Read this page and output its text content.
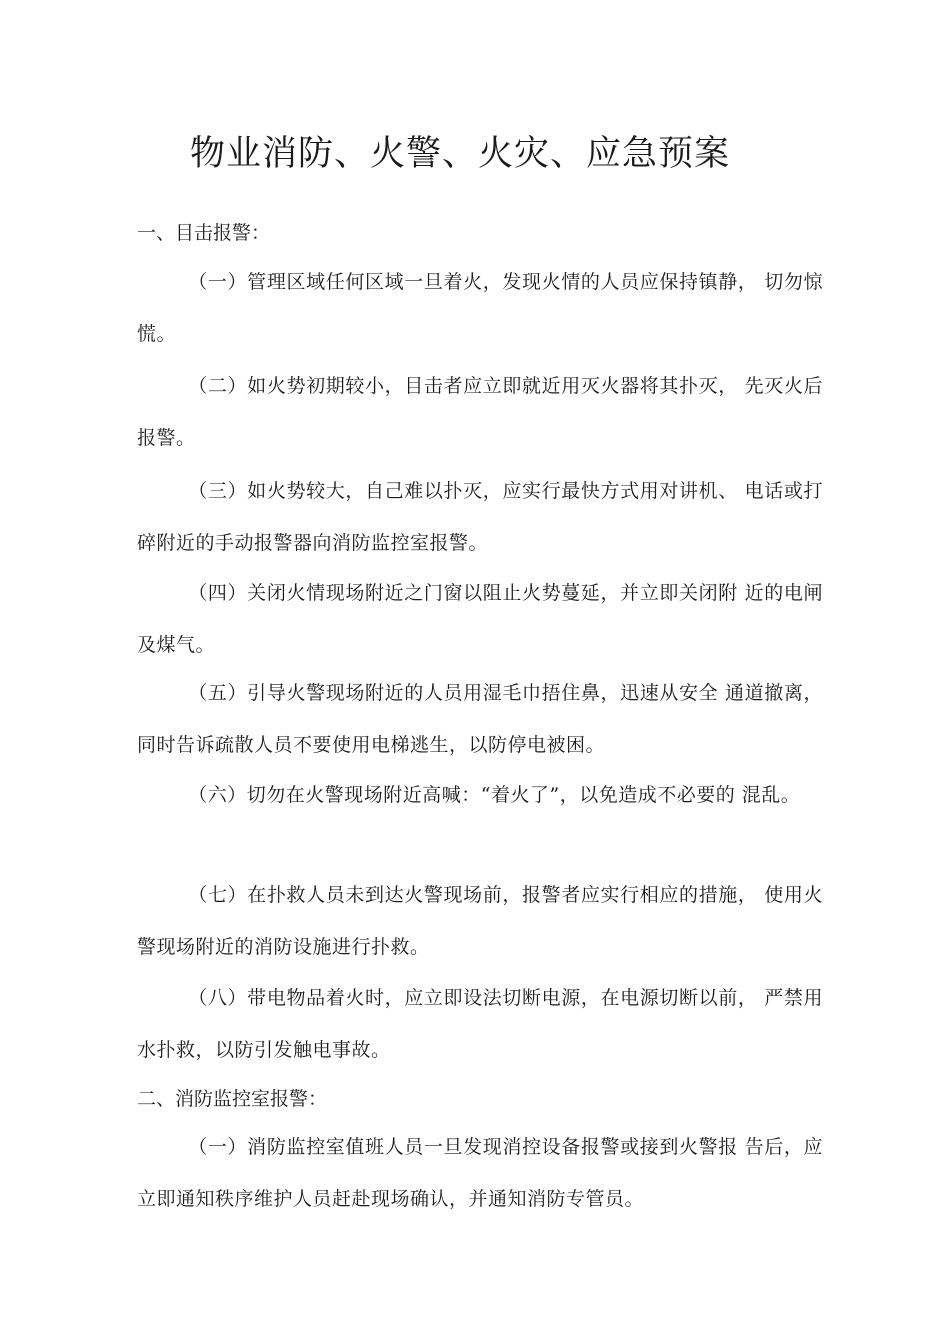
物业消防、火警、火灾、应急预案

一、目击报警：

（一）管理区域任何区域一旦着火，发现火情的人员应保持镇静， 切勿惊慌。

（二）如火势初期较小，目击者应立即就近用灭火器将其扑灭， 先灭火后报警。

（三）如火势较大，自己难以扑灭，应实行最快方式用对讲机、 电话或打碎附近的手动报警器向消防监控室报警。

（四）关闭火情现场附近之门窗以阻止火势蔓延，并立即关闭附 近的电闸及煤气。

（五）引导火警现场附近的人员用湿毛巾捂住鼻，迅速从安全 通道撤离，同时告诉疏散人员不要使用电梯逃生，以防停电被困。

（六）切勿在火警现场附近高喊：“着火了”，以免造成不必要的 混乱。

（七）在扑救人员未到达火警现场前，报警者应实行相应的措施， 使用火警现场附近的消防设施进行扑救。

（八）带电物品着火时，应立即设法切断电源，在电源切断以前， 严禁用水扑救，以防引发触电事故。

二、消防监控室报警：

（一）消防监控室值班人员一旦发现消控设备报警或接到火警报 告后，应立即通知秩序维护人员赶赴现场确认，并通知消防专管员。
